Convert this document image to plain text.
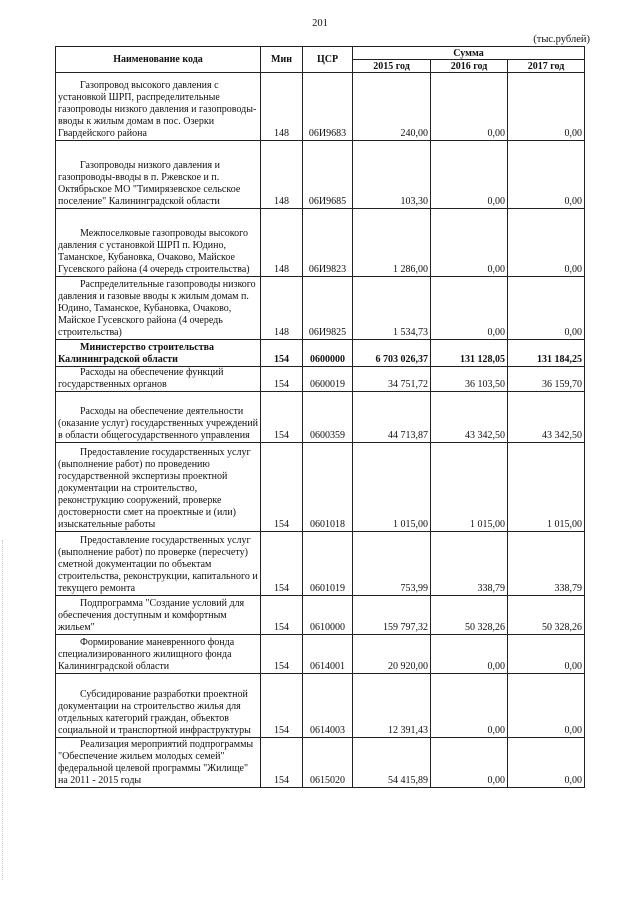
201
(тыс.рублей)
Наименование кода	Мин	ЦСР	Сумма		
			2015 год	2016 год	2017 год
Газопровод высокого давления с установкой ШРП, распределительные газопроводы низкого давления и газопроводы-вводы к жилым домам в пос. Озерки Гвардейского района	148	06И9683	240,00	0,00	0,00
Газопроводы низкого давления и газопроводы-вводы в п. Ржевское и п. Октябрьское МО "Тимирязевское сельское поселение" Калининградской области	148	06И9685	103,30	0,00	0,00
Межпоселковые газопроводы высокого давления с установкой ШРП п. Юдино, Таманское, Кубановка, Очаково, Майское Гусевского района (4 очередь строительства)	148	06И9823	1 286,00	0,00	0,00
Распределительные газопроводы низкого давления и газовые вводы к жилым домам п. Юдино, Таманское, Кубановка, Очаково, Майское Гусевского района (4 очередь строительства)	148	06И9825	1 534,73	0,00	0,00
Министерство строительства Калининградской области	154	0600000	6 703 026,37	131 128,05	131 184,25
Расходы на обеспечение функций государственных органов	154	0600019	34 751,72	36 103,50	36 159,70
Расходы на обеспечение деятельности (оказание услуг) государственных учреждений в области общегосударственного управления	154	0600359	44 713,87	43 342,50	43 342,50
Предоставление государственных услуг (выполнение работ) по проведению государственной экспертизы проектной документации на строительство, реконструкцию сооружений, проверке достоверности смет на проектные и (или) изыскательные работы	154	0601018	1 015,00	1 015,00	1 015,00
Предоставление государственных услуг (выполнение работ) по проверке (пересчету) сметной документации по объектам строительства, реконструкции, капитального и текущего ремонта	154	0601019	753,99	338,79	338,79
Подпрограмма "Создание условий для обеспечения доступным и комфортным жильем"	154	0610000	159 797,32	50 328,26	50 328,26
Формирование маневренного фонда специализированного жилищного фонда Калининградской области	154	0614001	20 920,00	0,00	0,00
Субсидирование разработки проектной документации на строительство жилья для отдельных категорий граждан, объектов социальной и транспортной инфраструктуры	154	0614003	12 391,43	0,00	0,00
Реализация мероприятий подпрограммы "Обеспечение жильем молодых семей" федеральной целевой программы "Жилище" на 2011 - 2015 годы	154	0615020	54 415,89	0,00	0,00
